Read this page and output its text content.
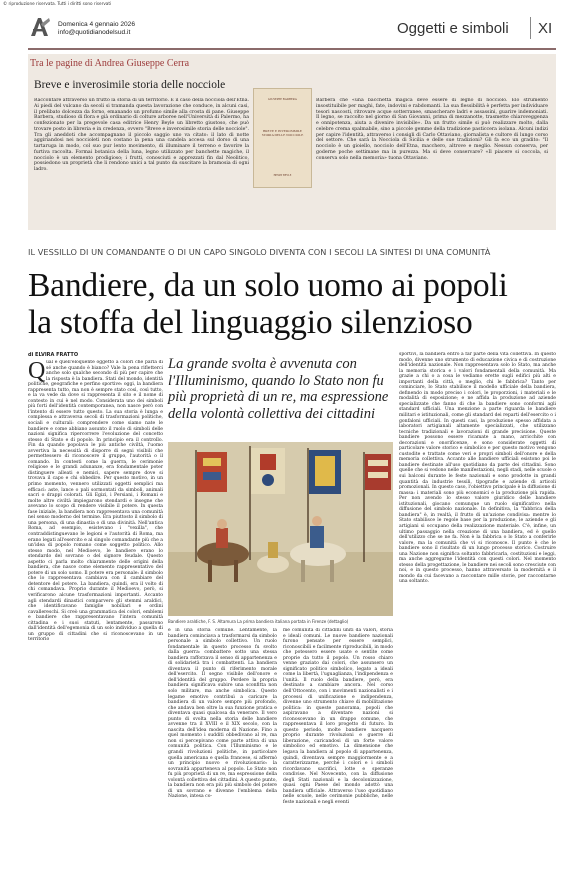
© riproduzione riservata. Tutti i diritti sono riservati
Domenica 4 gennaio 2026
info@quotidianodelsud.it	Oggetti e simboli XI
Tra le pagine di Andrea Giuseppe Cerra
Breve e inverosimile storia delle nocciole
Raccontare attraverso un frutto la storia di un territorio. È il caso della nocciola dell'Etna. Ai piedi del vulcano da secoli si tramanda questa lavorazione che conduce, in alcuni casi, il prelibato dolcezza da forno, emanando un profumo simile alla crosta di pane. Giuseppe Barbera, studioso di flora e già ordinario di colture arboree nell'Università di Palermo, ha confezionato per la pregevole casa editrice Henry Beyle un libretto giustoso, che può trovare posto in libreria e in credenza, ovvero "Breve e inverosimile storia delle nocciole". Tra gli aneddoti che accompagnano il piccolo saggio uno va citato: il lato di notte aggiriandosi nei noccioleti non costano la pena una candela accesa sul dorso di una tartaruga in modo, col suo pur lento movimento, di illuminare il terreno e favorire la furtiva raccolta. Formai botanica della luna, legno utilizzato per banchette magiche, il nocciolo è un elemento prodigioso; i frutti, conosciuti e apprezzati fin dal Neolitico, possiedono un proprietà che li rendono unici a tal punto da suscitare la bramosia di ogni ladro.
GIUSEPPE BARBERA
BREVE E INVEROSIMILE STORIA DELLE NOCCIOLE
HENRY BEYLE
Barbera che «una bacchetta magica deve essere di legno di nocciolo. Elo strumento insostituibile per maghi, fate, indovini e rabdomanti. La sua flessibilità è perfetta per individuare tesori nascosti, ritrovare acque sotterranee, smascherare ladri e assassini, guarire indemoniati. Il legno, se raccolto nel giorno di San Giovanni, prima di mezzanotte, trasmette chiaroveggenza e onnipotenza, aiuta a divenire invisibile». Da un frutto simile si può realizzare molto, dalla celebre crema spalmabile, sino a piccole gemme della tradizione pasticcera isolana. Alcuni indizi per capire l'identità, attraverso i consigli di Carlo Ottaviano, giornalista e cultore di lungo corso del settore. Che sarà la Nocciola di Sicilia e delle sue tradizioni? Gli fa eco un gradito: "Il nocciolo è un gioiello, nocciolo dell'Etna, macchero, altrove e meglio. Nessun conserva, per goderne poche settimane ma in purezza. Ma si deve conservare? «Il piacere si coccola, si conserva solo nella memoria» tuona Ottaviano.
IL VESSILLO DI UN COMANDANTE O DI UN CAPO SINGOLO DIVENTA CON I SECOLI LA SINTESI DI UNA COMUNITÀ
Bandiere, da un solo uomo ai popoli
la stoffa del linguaggio silenzioso
di ELVIRA FRATTO
Q ual è quell'eloquente oggetto a colori che parla di sé anche quando è bianco? Vale la pena rifletterci anche solo qualche secondo di più per capire che la risposta è la bandiera. Stati del mondo, identità politiche, geografiche e perfino sportive: oggi, la bandiera rappresenta tutto, ma non è sempre stato così, così tutto, e la va vede da dove si rappresenta il sito e il nome di contesto in cui è nel modo. Considerata uno dei simboli più forti dell'identità contemporanea, non nasce però con l'intento di essere tutto questo. La sua storia è lunga e complessa e attraversa secoli di trasformazioni politiche, sociali e culturali: comprendere come siamo nate le bandiere e come abbiano assunto il ruolo di simboli delle nazioni significa ripercorrere l'evoluzione del concetto stesso di Stato e di popolo. In principio era il controllo. Fin da quando popolava le più antiche civiltà, l'uomo avvertiva la necessità di disporre di segni visibili che permettessero di riconoscere il gruppo, l'autorità o il comando. In contesti come la guerra, le cerimonie religiose e le grandi adunanze, era fondamentale poter distinguere alleati e nemici, sapere sempre dove si trovava il capo e chi obbedire. Per questo motivo, in un primo momento, vennero utilizzati oggetti semplici ma efficaci: aste, lance o pali sormontati da simboli, animali sacri o drappi colorati. Gli Egizi, i Persiani, i Romani e molte altre civiltà impiegarono stendardi e insegne che avevano lo scopo di rendere visibile il potere. In questa fase iniziale, la bandiera non rappresentava una comunità nel senso moderno del termine. Era piuttosto il simbolo di una persona, di una dinastia o di una divinità. Nell'antica Roma, ad esempio, esistevano i "vexilla", che contraddistinguevano le legioni e l'autorità di Roma, ma erano legati all'esercito e al singolo comandante più che a un'idea di popolo romano come soggetto politico. Allo stesso modo, nel Medioevo, le bandiere erano lo stendardo del sovrano o del signore feudale. Questo aspetto ci parla molto chiaramente delle origini della bandiera, che nasce come elemento rappresentativo del potere di un solo uomo. Il potere era personale: il simbolo che lo rappresentava cambiava con il cambiare del detentore del potere. La bandiera, quindi, era il volto di chi comandava. Proprio durante il Medioevo, però, si verificarono alcune trasformazioni importanti. Accanto agli stendardi dinastici comparvero gli stemmi araldici, che identificavano famiglie nobiliari e ordini cavallereschi. Si creò una grammatica dei colori, emblemi e bandiere che rappresentavano l'intera comunità cittadina e i suoi statuti, lentamente, passarono dall'identità dell'egemonia di un solo individuo a quella di un gruppo di cittadini che si riconoscevano in un territorio
La grande svolta è avvenuta con l'Illuminismo, quando lo Stato non fu più proprietà di un re, ma espressione della volontà collettiva dei cittadini
Bandiere araldiche, F. S. Altamura La prima bandiera italiana portata in Firenze (dettaglio)
e in una storia comune. Lentamente, la bandiera cominciava a trasformarsi da simbolo personale a simbolo collettivo. Un ruolo fondamentale in questo processo fu svolto dalla guerra: combattere sotto una stessa bandiera rafforzava il senso di appartenenza e di solidarietà tra i combattenti. La bandiera diventava il punto di riferimento morale dell'esercito. Il segno visibile dell'onore e dell'identità del gruppo. Perdere la propria bandiera significava subire una sconfitta non solo militare, ma anche simbolica. Questo legame emotivo contribuì a caricare la bandiera di un valore sempre più profondo, che andava ben oltre la sua funzione pratica e diventava quasi qualcosa da venerare. Il vero punto di svolta nella storia delle bandiere avvenne tra il XVIII e il XIX secolo, con la nascita dell'idea moderna di Nazione. Fino a quel momento i sudditi obbedivano al re, ma non si percepivano come parte attiva di una comunità politica. Con l'Illuminismo e le grandi rivoluzioni politiche, in particolare quella americana e quella francese, si affermò un principio nuovo e rivoluzionario: la sovranità apparteneva al popolo. Lo Stato non fu più proprietà di un re, ma espressione della volontà collettiva dei cittadini. A questo punto, la bandiera non era più più simbolo del potere di un sovrano e divenne l'emblema della Nazione, intesa co-
me comunità di cittadini uniti da valori, storia e ideali comuni. Le nuove bandiere nazionali furono pensate per essere semplici, riconoscibili e facilmente riproducibili, in modo che potessero essere usate e sentite come proprie da tutto il popolo. Un rosso chiaro venne graziato dai colori, che assunsero un significato politico simbolico, legato a ideali come la libertà, l'uguaglianza, l'indipendenza e l'unità. Il ruolo della bandiere, però, era destinato a cambiare ancora. Nel corso dell'Ottocento, con i movimenti nazionalisti e i processi di unificazione e indipendenza, divenne uno strumento chiave di mobilitazione politica: in queste panorama, popoli che aspiravano a diventare nazioni si riconoscevano in un drappo comune, che rappresentava il loro progetto di futuro. In questo periodo, molte bandiere nacquero proprio durante rivoluzioni e guerre di liberazione, caricandosi di un forte valore simbolico ed emotivo. La dimensione che legava la bandiera al popolo di appartenenza, quindi, diventava sempre maggiormente e a caratterizzarne, perché i colori e i simboli ricordavano sacrifici, lotte e speranze condivise. Nel Novecento, con la diffusione degli Stati nazionali e la decolonizzazione, quasi ogni Paese del mondo adottò una bandiera ufficiale. Attraverso l'uso quotidiano nelle scuole, nelle cerimonie pubbliche, nelle feste nazionali e negli eventi
sportivi, la bandiera entrò a far parte della vita collettiva. In questo modo, divenne uno strumento di educazione civica e di costruzione dell'identità nazionale. Non rappresentava solo lo Stato, ma anche la memoria storica e i valori fondamentali della comunità. Ma grazie a chi o a cosa le vediamo erette sugli edifici più alti e importanti della città, o meglio, chi le fabbrica? Tanto per cominciare, lo Stato stabilisce il modello ufficiale della bandiera, definendo in modo preciso i colori, le proporzioni, i materiali e le modalità di esposizione; e ne affida la produzione ad aziende specializzate che fanno di che la bandiere sono conformi agli standard ufficiali. Una menzione a parte riguarda le bandiere militari e istituzionali, come gli standard dei reparti dell'esercito o i gonfaloni ufficiali. In questi casi, la produzione spesso affidata a laboratori artigianali altamente specializzati, che utilizzano tecniche tradizionali e lavorazioni di grande precisione. Queste bandiere possono essere ricamate a mano, arricchite con decorazioni e onorificenze, e sono considerate oggetti di particolare valore storico e simbolico e per questo motivo vengono custodite e trattate come veri e propri simboli dell'onore e della memoria collettiva. Accanto alle bandiere ufficiali esistono poi le bandiere destinate all'uso quotidiano da parte dei cittadini. Sono quelle che si vedono nelle manifestazioni, negli stadi, nelle scuole o sui balconi durante le feste nazionali e sono prodotte in grandi quantità da industrie tessili, tipografie e aziende di articoli promozionali. In questo caso, l'obiettivo principale è la diffusione di massa: i materiali sono più economici e la produzione più rapida. Per non avendo lo stesso valore giuridico delle bandiere istituzionali, giocano comunque un ruolo significativo nella diffusione del simbolo nazionale. In definitiva, la "fabbrica della bandiera" è, in realtà, il frutto di un'azione condivisa: mentre lo Stato stabilisce le regole base per la produzione, le aziende e gli artigiani si occupano della realizzazione materiale. C'è, infine, un ultimo passaggio nella creazione di una bandiera, ed è quello dell'utilizzo che se ne fa. Non è la fabbrica o lo Stato a conferirle valore, ma la comunità che vi si riconosce. Il punto è che le bandiere sono il risultato di un lungo processo storico. Costruire una Nazione non significa soltanto fabbricarla, costituzioni e leggi, ma anche aggregarne l'identità con questi colori. Nel momento stesso della progettazione, le bandiere nei secoli sono cresciute con noi, e in questo processo, hanno attraversato la modernità e il mondo da cui facevano a raccontare mille storie, per raccontarne una soltanto.
